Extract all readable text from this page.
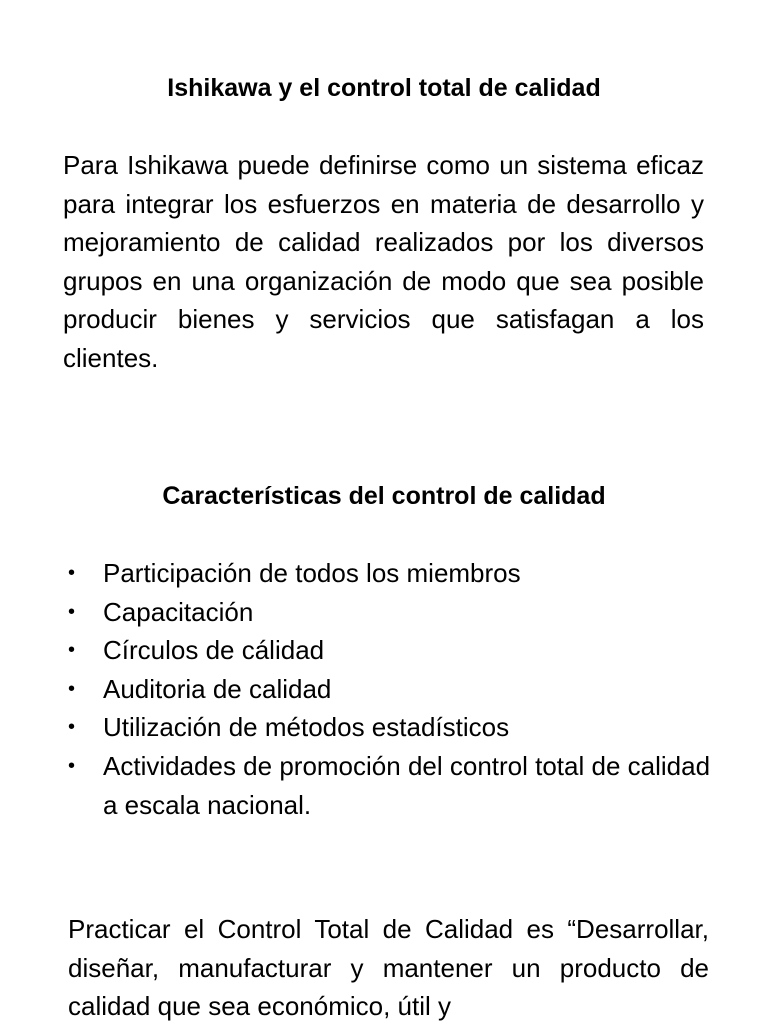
Ishikawa y el control total de calidad

Para Ishikawa puede definirse como un sistema eficaz para integrar los esfuerzos en materia de desarrollo y mejoramiento de calidad realizados por los diversos grupos en una organización de modo que sea posible producir bienes y servicios que satisfagan a los clientes.

Características del control de calidad
• Participación de todos los miembros
• Capacitación
• Círculos de cálidad
• Auditoria de calidad
• Utilización de métodos estadísticos
• Actividades de promoción del control total de calidad a escala nacional.

Practicar el Control Total de Calidad es “Desarrollar, diseñar, manufacturar y mantener un producto de calidad que sea económico, útil y
